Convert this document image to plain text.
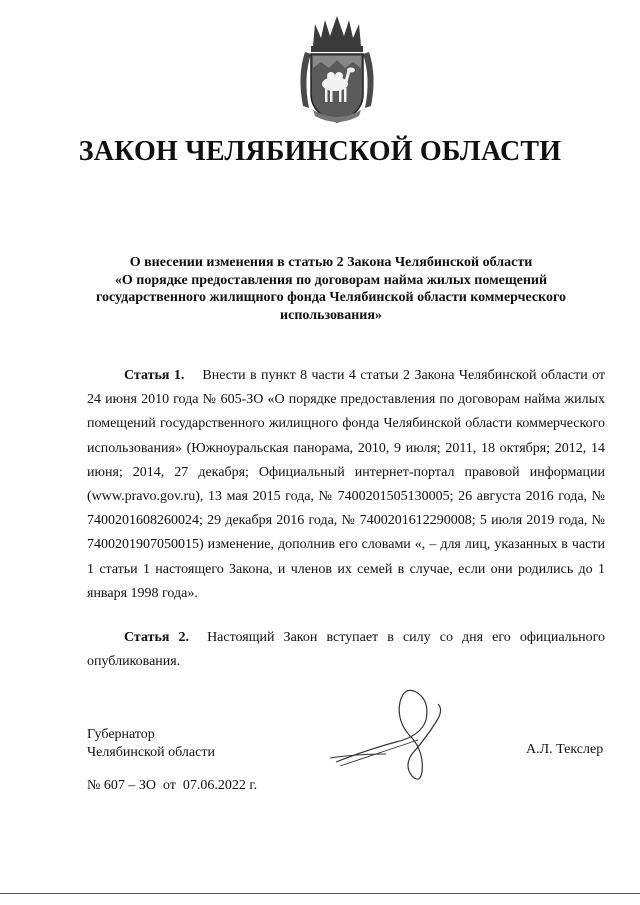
ЗАКОН ЧЕЛЯБИНСКОЙ ОБЛАСТИ
О внесении изменения в статью 2 Закона Челябинской области
«О порядке предоставления по договорам найма жилых помещений
государственного жилищного фонда Челябинской области коммерческого
использования»

Статья 1. Внести в пункт 8 части 4 статьи 2 Закона Челябинской области от 24 июня 2010 года № 605-ЗО «О порядке предоставления по договорам найма жилых помещений государственного жилищного фонда Челябинской области коммерческого использования» (Южноуральская панорама, 2010, 9 июля; 2011, 18 октября; 2012, 14 июня; 2014, 27 декабря; Официальный интернет-портал правовой информации (www.pravo.gov.ru), 13 мая 2015 года, № 7400201505130005; 26 августа 2016 года, № 7400201608260024; 29 декабря 2016 года, № 7400201612290008; 5 июля 2019 года, № 7400201907050015) изменение, дополнив его словами «, – для лиц, указанных в части 1 статьи 1 настоящего Закона, и членов их семей в случае, если они родились до 1 января 1998 года».

Статья 2. Настоящий Закон вступает в силу со дня его официального опубликования.

Губернатор
Челябинской области	А.Л. Текслер
№ 607 – ЗО  от  07.06.2022 г.
